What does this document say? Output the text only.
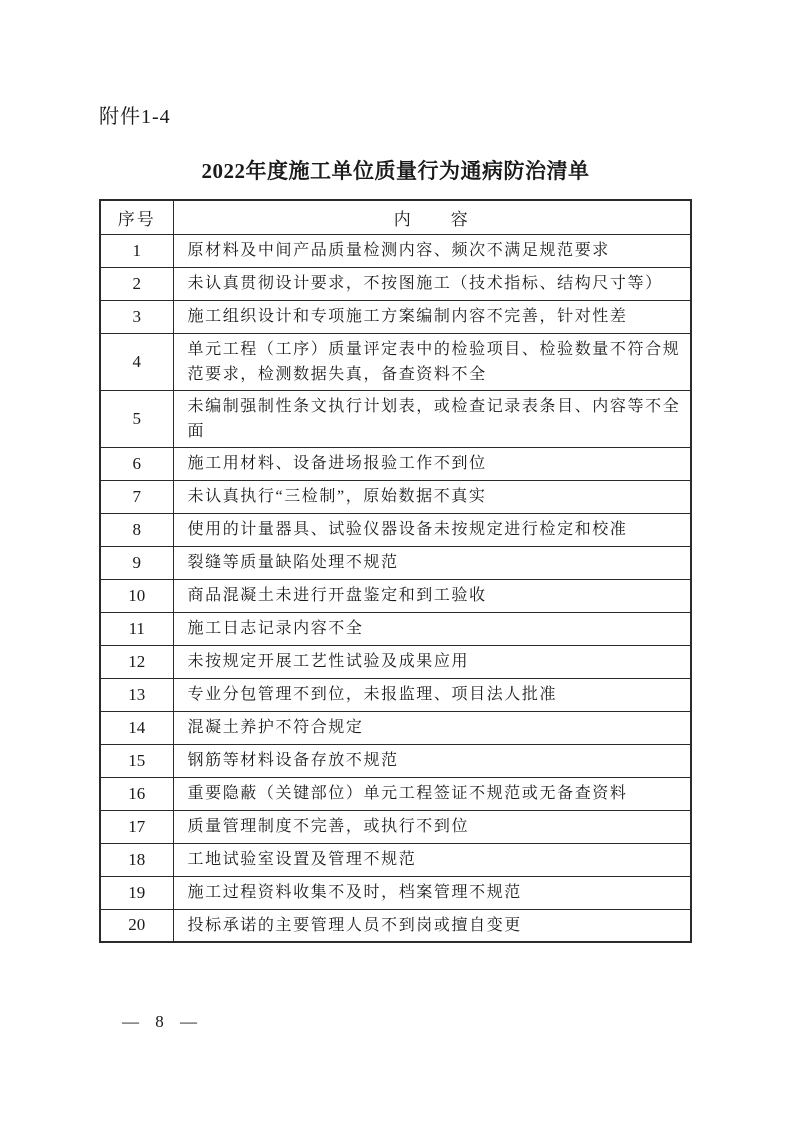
附件1-4

2022年度施工单位质量行为通病防治清单
序号	内　　容
1	原材料及中间产品质量检测内容、频次不满足规范要求
2	未认真贯彻设计要求，不按图施工（技术指标、结构尺寸等）
3	施工组织设计和专项施工方案编制内容不完善，针对性差
4	单元工程（工序）质量评定表中的检验项目、检验数量不符合规范要求，检测数据失真，备查资料不全
5	未编制强制性条文执行计划表，或检查记录表条目、内容等不全面
6	施工用材料、设备进场报验工作不到位
7	未认真执行“三检制”，原始数据不真实
8	使用的计量器具、试验仪器设备未按规定进行检定和校准
9	裂缝等质量缺陷处理不规范
10	商品混凝土未进行开盘鉴定和到工验收
11	施工日志记录内容不全
12	未按规定开展工艺性试验及成果应用
13	专业分包管理不到位，未报监理、项目法人批准
14	混凝土养护不符合规定
15	钢筋等材料设备存放不规范
16	重要隐蔽（关键部位）单元工程签证不规范或无备查资料
17	质量管理制度不完善，或执行不到位
18	工地试验室设置及管理不规范
19	施工过程资料收集不及时，档案管理不规范
20	投标承诺的主要管理人员不到岗或擅自变更
— 8 —
